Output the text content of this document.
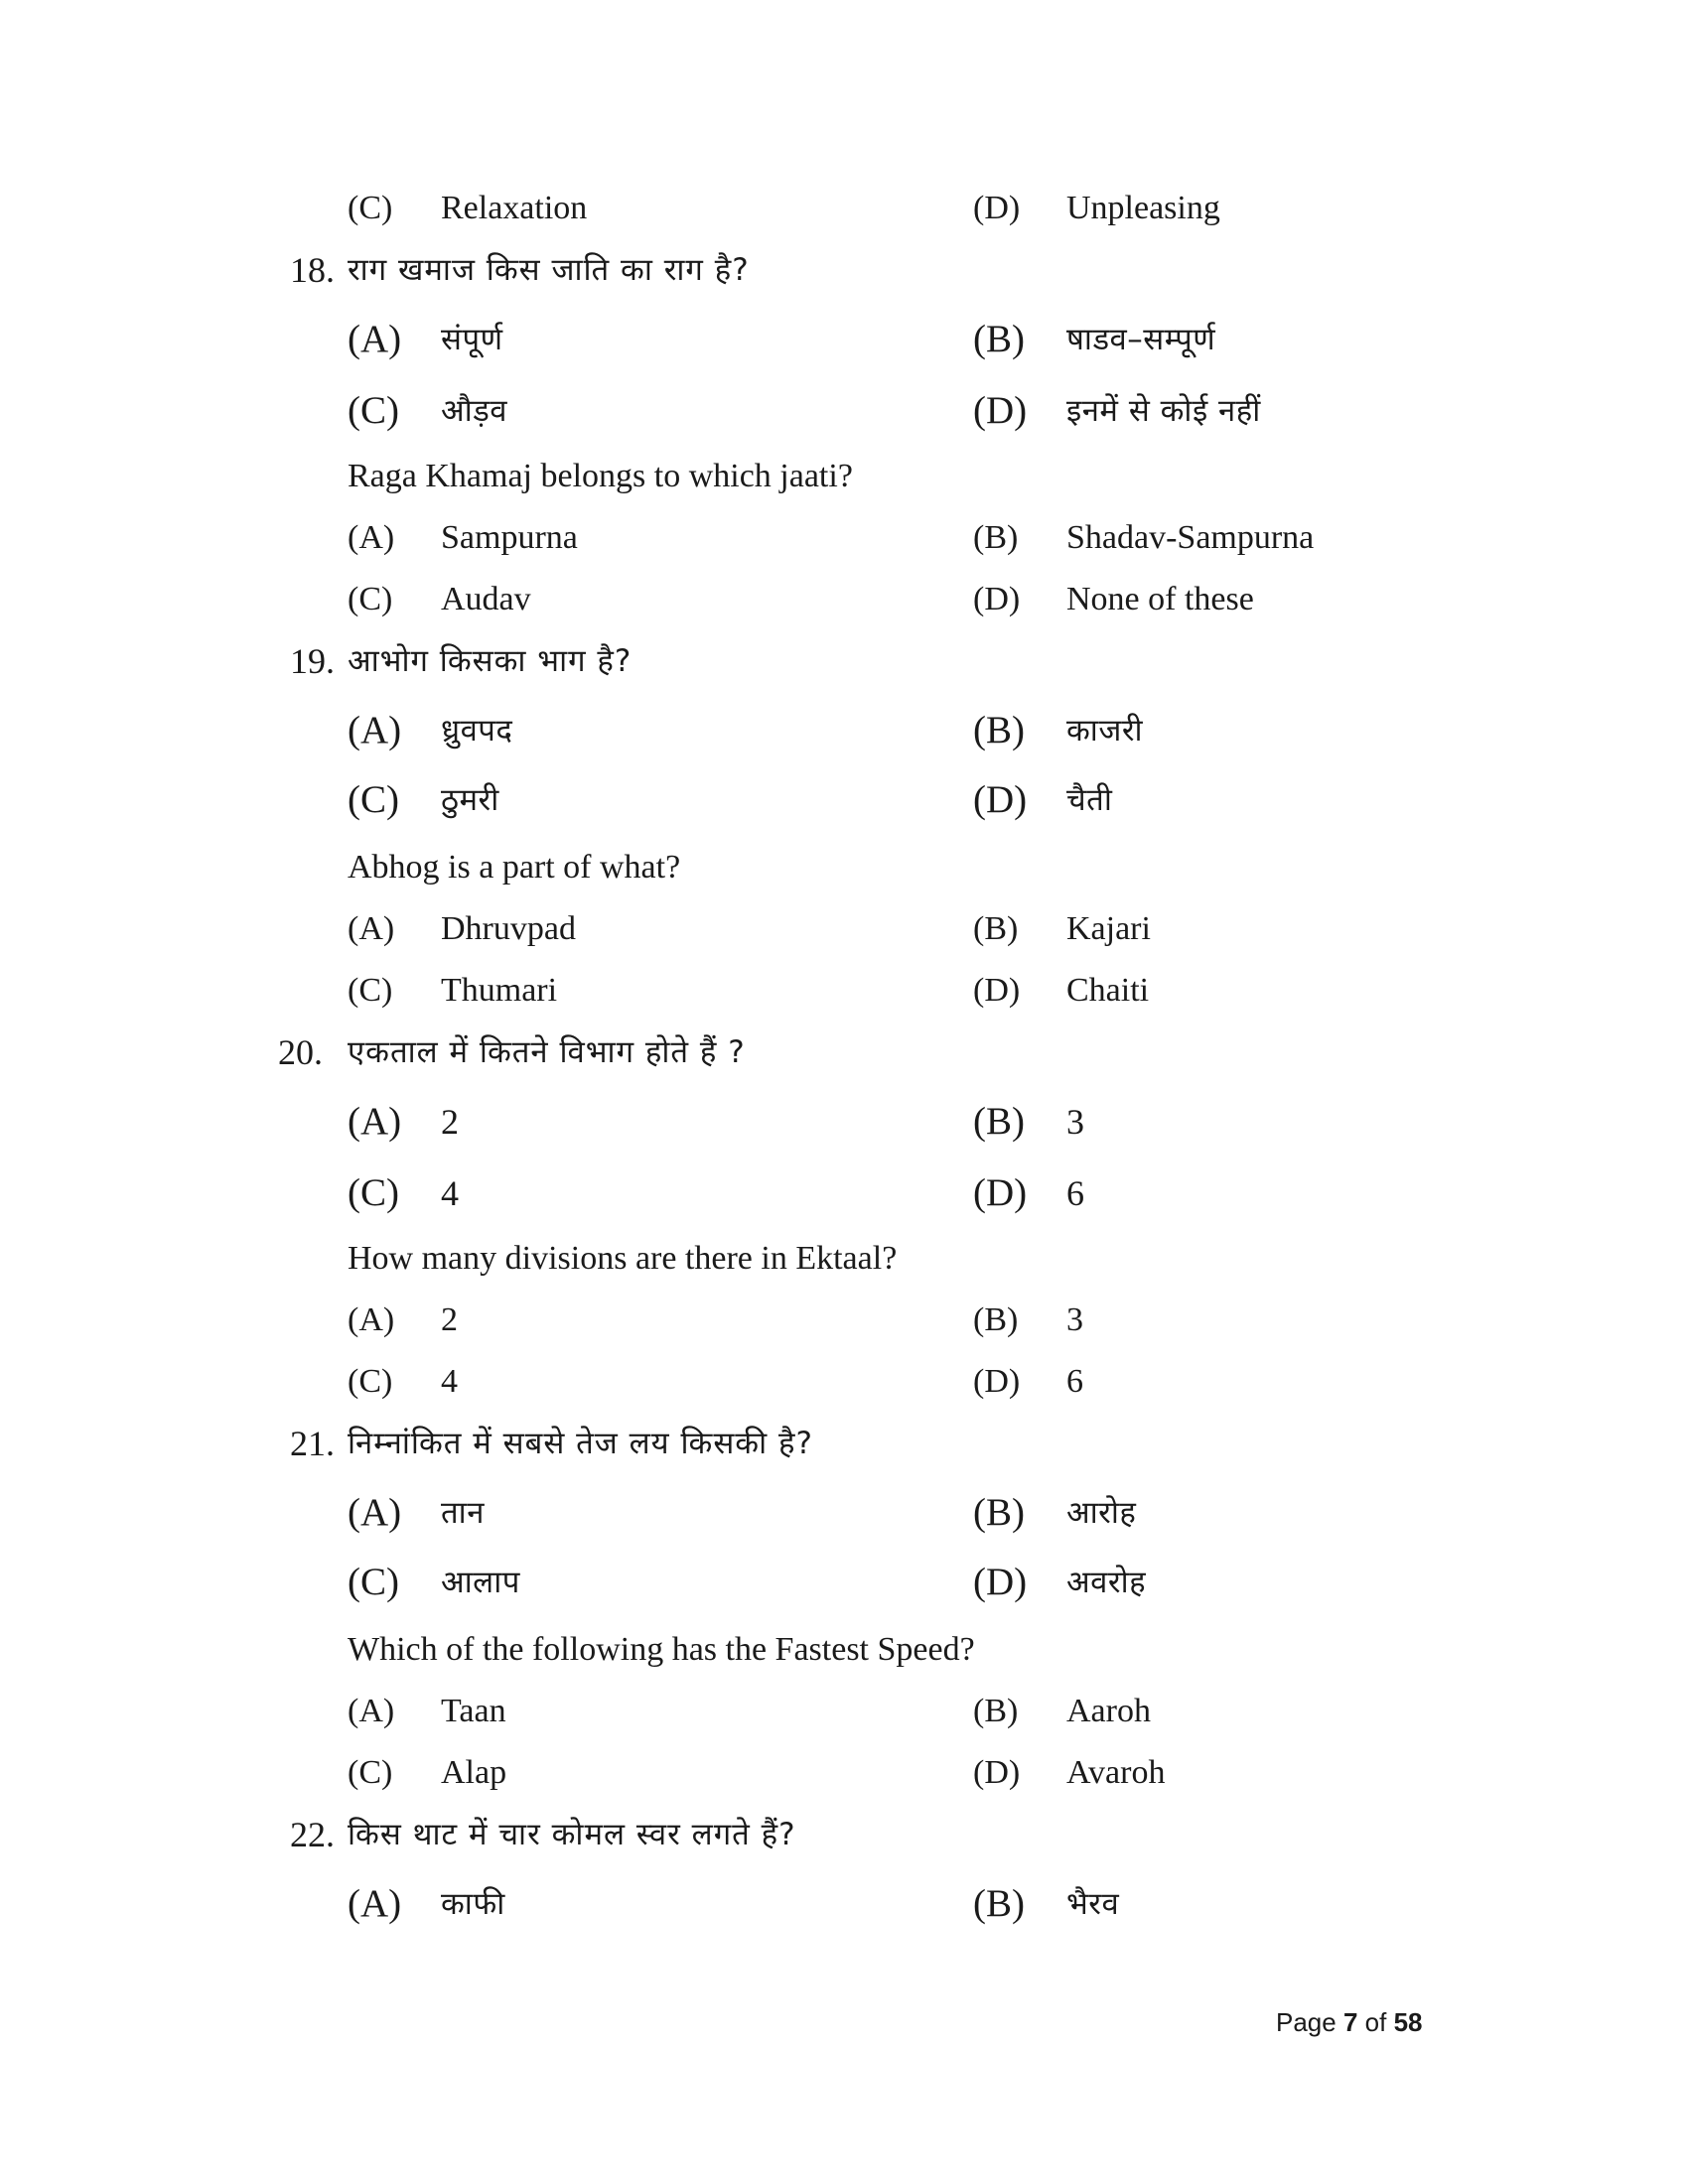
(C) Relaxation	(D) Unpleasing
18. राग खमाज किस जाति का राग है?
(A) संपूर्ण	(B) षाडव–सम्पूर्ण
(C) औड़व	(D) इनमें से कोई नहीं
Raga Khamaj belongs to which jaati?
(A) Sampurna	(B) Shadav-Sampurna
(C) Audav	(D) None of these
19. आभोग किसका भाग है?
(A) ध्रुवपद	(B) काजरी
(C) ठुमरी	(D) चैती
Abhog is a part of what?
(A) Dhruvpad	(B) Kajari
(C) Thumari	(D) Chaiti
20. एकताल में कितने विभाग होते हैं ?
(A) 2	(B) 3
(C) 4	(D) 6
How many divisions are there in Ektaal?
(A) 2	(B) 3
(C) 4	(D) 6
21. निम्नांकित में सबसे तेज लय किसकी है?
(A) तान	(B) आरोह
(C) आलाप	(D) अवरोह
Which of the following has the Fastest Speed?
(A) Taan	(B) Aaroh
(C) Alap	(D) Avaroh
22. किस थाट में चार कोमल स्वर लगते हैं?
(A) काफी	(B) भैरव
Page 7 of 58
